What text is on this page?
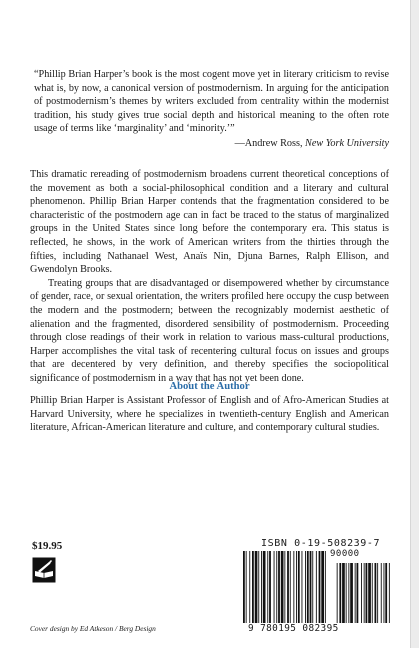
“Phillip Brian Harper’s book is the most cogent move yet in literary criticism to revise what is, by now, a canonical version of postmodernism. In arguing for the anticipation of postmodernism’s themes by writers excluded from centrality within the modernist tradition, his study gives true social depth and historical meaning to the often rote usage of terms like ‘marginality’ and ‘minority.’”

—Andrew Ross, New York University

This dramatic rereading of postmodernism broadens current theoretical conceptions of the movement as both a social-philosophical condition and a literary and cultural phenomenon. Phillip Brian Harper contends that the fragmentation considered to be characteristic of the postmodern age can in fact be traced to the status of marginalized groups in the United States since long before the contemporary era. This status is reflected, he shows, in the work of American writers from the thirties through the fifties, including Nathanael West, Anaïs Nin, Djuna Barnes, Ralph Ellison, and Gwendolyn Brooks.

Treating groups that are disadvantaged or disempowered whether by circumstance of gender, race, or sexual orientation, the writers profiled here occupy the cusp between the modern and the postmodern; between the recognizably modernist aesthetic of alienation and the fragmented, disordered sensibility of postmodernism. Proceeding through close readings of their work in relation to various mass-cultural productions, Harper accomplishes the vital task of recentering cultural focus on issues and groups that are decentered by very definition, and thereby specifies the sociopolitical significance of postmodernism in a way that has not yet been done.

About the Author

Phillip Brian Harper is Assistant Professor of English and of Afro-American Studies at Harvard University, where he specializes in twentieth-century English and American literature, African-American literature and culture, and contemporary cultural studies.

$19.95

Cover design by Ed Atkeson / Berg Design

ISBN 0-19-508239-7

90000

9 780195 082395
